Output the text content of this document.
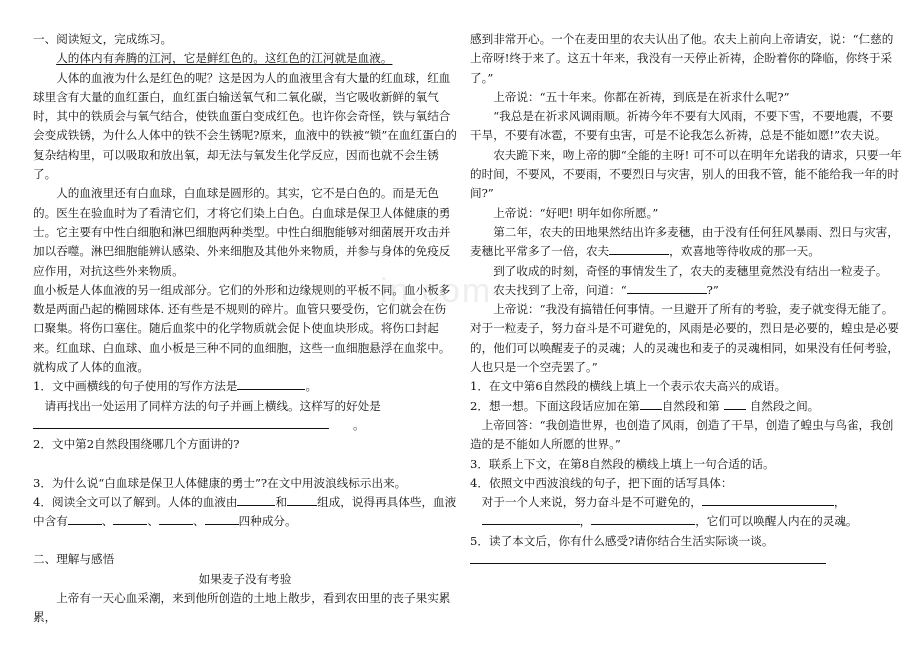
in.com

一、阅读短文，完成练习。

人的体内有奔腾的江河，它是鲜红色的。这红色的江河就是血液。

人体的血液为什么是红色的呢？这是因为人的血液里含有大量的红血球，红血球里含有大量的血红蛋白，血红蛋白输送氧气和二氧化碳，当它吸收新鲜的氧气时，其中的铁质会与氧气结合，使铁血蛋白变成红色。也许你会奇怪，铁与氧结合会变成铁锈，为什么人体中的铁不会生锈呢?原来，血液中的铁被“锁”在血红蛋白的复杂结构里，可以吸取和放出氧，却无法与氧发生化学反应，因而也就不会生锈了。

人的血液里还有白血球，白血球是圆形的。其实，它不是白色的。而是无色的。医生在验血时为了看清它们，才将它们染上白色。白血球是保卫人体健康的勇士。它主要有中性白细胞和淋巴细胞两种类型。中性白细胞能够对细菌展开攻击并加以吞噬。淋巴细胞能辨认感染、外来细胞及其他外来物质，并参与身体的免疫反应作用，对抗这些外来物质。

血小板是人体血液的另一组成部分。它们的外形和边缘规则的平板不同。血小板多数是两面凸起的椭圆球体. 还有些是不规则的碎片。血管只要受伤，它们就会在伤口聚集。将伤口塞住。随后血浆中的化学物质就会促卜使血块形成。将伤口封起来。红血球、白血球、血小板是三种不同的血细胞，这些一血细胞悬浮在血浆中。就构成了人体的血液。

1．文中画横线的句子使用的写作方法是	。

请再找出一处运用了同样方法的句子并画上横线。这样写的好处是

。

2．文中第2自然段围绕哪几个方面讲的?

3．为什么说“白血球是保卫人体健康的勇士”?在文中用波浪线标示出来。

4．阅读全文可以了解到。人体的血液由	和	组成，说得再具体些，血液中含有	、	、	、	四种成分。

二、理解与感悟

如果麦子没有考验

上帝有一天心血采潮，来到他所创造的土地上散步，看到农田里的丧子果实累累，

感到非常开心。一个在麦田里的农夫认出了他。农夫上前向上帝请安，说：“仁慈的上帝呀!终于来了。这五十年来，我没有一天停止祈祷，企盼着你的降临，你终于采了。”

上帝说：“五十年来。你都在祈祷，到底是在祈求什么呢?”

“我总是在祈求风调雨顺。祈祷今年不要有大风雨，不要下雪，不要地震，不要干旱，不要有冰雹，不要有虫害，可是不论我怎么祈祷，总是不能如愿!”农夫说。

农夫跪下来，吻上帝的脚“全能的主呀! 可不可以在明年允诺我的请求，只要一年的时间，不要风，不要雨，不要烈日与灾害，别人的田我不管，能不能给我一年的时间?”

上帝说：“好吧! 明年如你所愿。”

第二年，农夫的田地果然结出许多麦穗，由于没有任何狂风暴雨、烈日与灾害，麦穗比平常多了一倍，农夫	，欢喜地等待收成的那一天。

到了收成的时刻，奇怪的事情发生了，农夫的麦穗里竟然没有结出一粒麦子。

农夫找到了上帝，问道：“	?”

上帝说：“我没有搞错任何事情。一旦避开了所有的考验，麦子就变得无能了。对于一粒麦子，努力奋斗是不可避免的，风雨是必要的，烈日是必要的，蝗虫是必要的，他们可以唤醒麦子的灵魂；人的灵魂也和麦子的灵魂相同，如果没有任何考验，人也只是一个空壳罢了。”

1．在文中第6自然段的横线上填上一个表示农夫高兴的成语。

2．想一想。下面这段话应加在第 自然段和第	自然段之间。

上帝回答：“我创造世界，也创造了风雨，创造了干旱，创造了蝗虫与鸟雀，我创造的是不能如人所愿的世界。”

3．联系上下文，在第8自然段的横线上填上一句合适的话。

4．依照文中西波浪线的句子，把下面的话写具体：

对于一个人来说，努力奋斗是不可避免的，	，

，	，它们可以唤醒人内在的灵魂。

5．读了本文后，你有什么感受?请你结合生活实际谈一谈。
